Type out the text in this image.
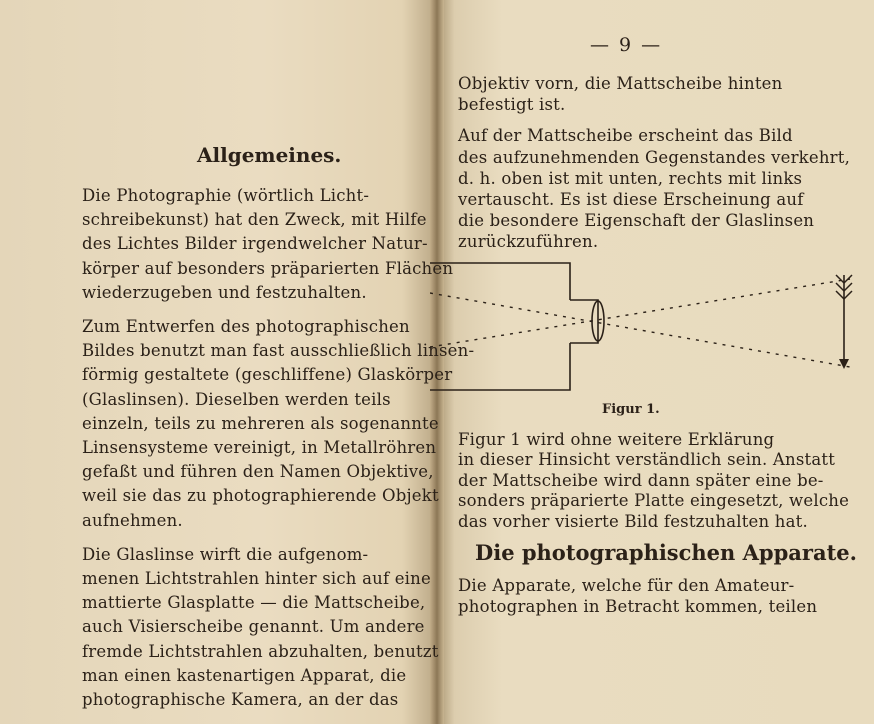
— 9 —
Allgemeines.
Die Photographie (wörtlich Licht-
schreibekunst) hat den Zweck, mit Hilfe
des Lichtes Bilder irgendwelcher Natur-
körper auf besonders präparierten Flächen
wiederzugeben und festzuhalten.
Zum Entwerfen des photographischen
Bildes benutzt man fast ausschließlich linsen-
förmig gestaltete (geschliffene) Glaskörper
(Glaslinsen). Dieselben werden teils
einzeln, teils zu mehreren als sogenannte
Linsensysteme vereinigt, in Metallröhren
gefaßt und führen den Namen Objektive,
weil sie das zu photographierende Objekt
aufnehmen.
Die Glaslinse wirft die aufgenom-
menen Lichtstrahlen hinter sich auf eine
mattierte Glasplatte — die Mattscheibe,
auch Visierscheibe genannt. Um andere
fremde Lichtstrahlen abzuhalten, benutzt
man einen kastenartigen Apparat, die
photographische Kamera, an der das
Objektiv vorn, die Mattscheibe hinten
befestigt ist.
Auf der Mattscheibe erscheint das Bild
des aufzunehmenden Gegenstandes verkehrt,
d. h. oben ist mit unten, rechts mit links
vertauscht. Es ist diese Erscheinung auf
die besondere Eigenschaft der Glaslinsen
zurückzuführen.
Figur 1.
Figur 1 wird ohne weitere Erklärung
in dieser Hinsicht verständlich sein. Anstatt
der Mattscheibe wird dann später eine be-
sonders präparierte Platte eingesetzt, welche
das vorher visierte Bild festzuhalten hat.
Die photographischen Apparate.
Die Apparate, welche für den Amateur-
photographen in Betracht kommen, teilen
